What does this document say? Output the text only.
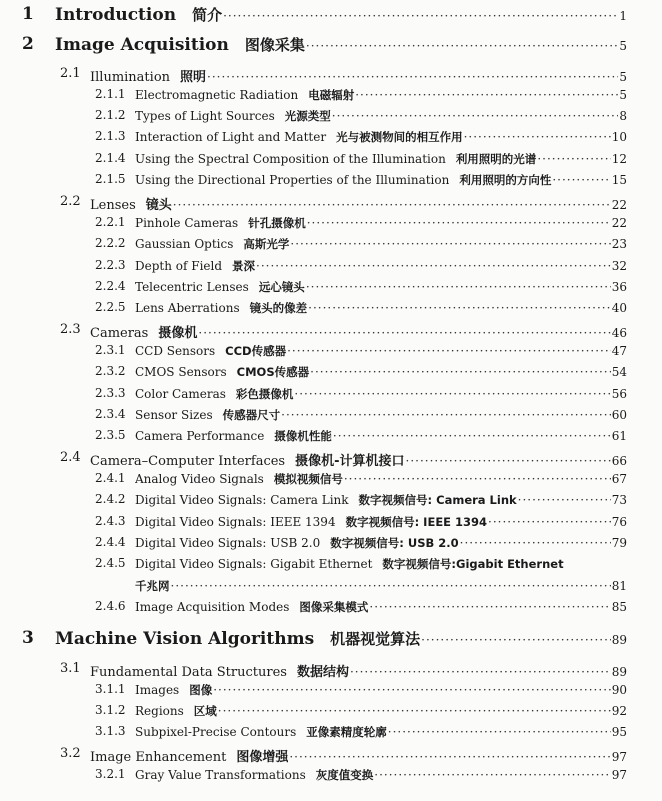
1 Introduction 简介 ·····	1
2 Image Acquisition 图像采集 ·····	5
2.1 Illumination 照明 ·····	5
2.1.1 Electromagnetic Radiation 电磁辐射 ·····	5
2.1.2 Types of Light Sources 光源类型 ·····	8
2.1.3 Interaction of Light and Matter 光与被测物间的相互作用 ·····	10
2.1.4 Using the Spectral Composition of the Illumination 利用照明的光谱 ·····	12
2.1.5 Using the Directional Properties of the Illumination 利用照明的方向性 ·····	15
2.2 Lenses 镜头 ·····	22
2.2.1 Pinhole Cameras 针孔摄像机 ·····	22
2.2.2 Gaussian Optics 高斯光学 ·····	23
2.2.3 Depth of Field 景深 ·····	32
2.2.4 Telecentric Lenses 远心镜头 ·····	36
2.2.5 Lens Aberrations 镜头的像差 ·····	40
2.3 Cameras 摄像机 ·····	46
2.3.1 CCD Sensors CCD传感器 ·····	47
2.3.2 CMOS Sensors CMOS传感器 ·····	54
2.3.3 Color Cameras 彩色摄像机 ·····	56
2.3.4 Sensor Sizes 传感器尺寸 ·····	60
2.3.5 Camera Performance 摄像机性能 ·····	61
2.4 Camera–Computer Interfaces 摄像机-计算机接口 ·····	66
2.4.1 Analog Video Signals 模拟视频信号 ·····	67
2.4.2 Digital Video Signals: Camera Link 数字视频信号: Camera Link ·····	73
2.4.3 Digital Video Signals: IEEE 1394 数字视频信号: IEEE 1394 ·····	76
2.4.4 Digital Video Signals: USB 2.0 数字视频信号: USB 2.0 ·····	79
2.4.5 Digital Video Signals: Gigabit Ethernet 数字视频信号:Gigabit Ethernet
千兆网 ·····	81
2.4.6 Image Acquisition Modes 图像采集模式 ·····	85
3 Machine Vision Algorithms 机器视觉算法 ·····	89
3.1 Fundamental Data Structures 数据结构 ·····	89
3.1.1 Images 图像 ·····	90
3.1.2 Regions 区域 ·····	92
3.1.3 Subpixel-Precise Contours 亚像素精度轮廓 ·····	95
3.2 Image Enhancement 图像增强 ·····	97
3.2.1 Gray Value Transformations 灰度值变换 ·····	97
